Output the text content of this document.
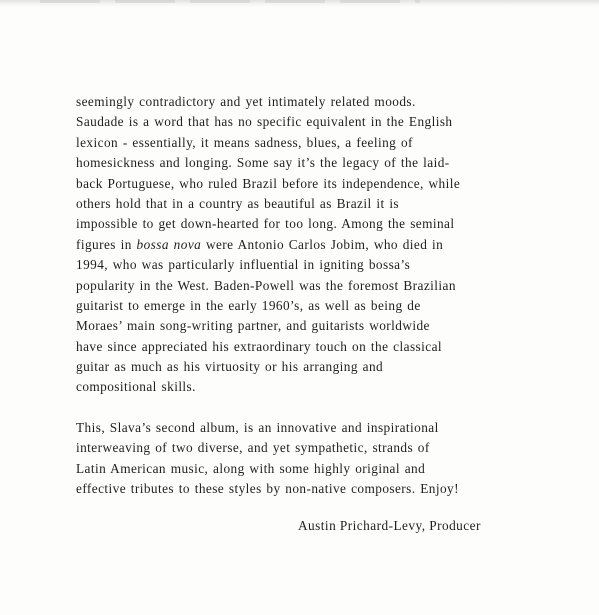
seemingly contradictory and yet intimately related moods.
Saudade is a word that has no specific equivalent in the English
lexicon - essentially, it means sadness, blues, a feeling of
homesickness and longing. Some say it’s the legacy of the laid-
back Portuguese, who ruled Brazil before its independence, while
others hold that in a country as beautiful as Brazil it is
impossible to get down-hearted for too long. Among the seminal
figures in bossa nova were Antonio Carlos Jobim, who died in
1994, who was particularly influential in igniting bossa’s
popularity in the West. Baden-Powell was the foremost Brazilian
guitarist to emerge in the early 1960’s, as well as being de
Moraes’ main song-writing partner, and guitarists worldwide
have since appreciated his extraordinary touch on the classical
guitar as much as his virtuosity or his arranging and
compositional skills.
This, Slava’s second album, is an innovative and inspirational
interweaving of two diverse, and yet sympathetic, strands of
Latin American music, along with some highly original and
effective tributes to these styles by non-native composers. Enjoy!
Austin Prichard-Levy, Producer
